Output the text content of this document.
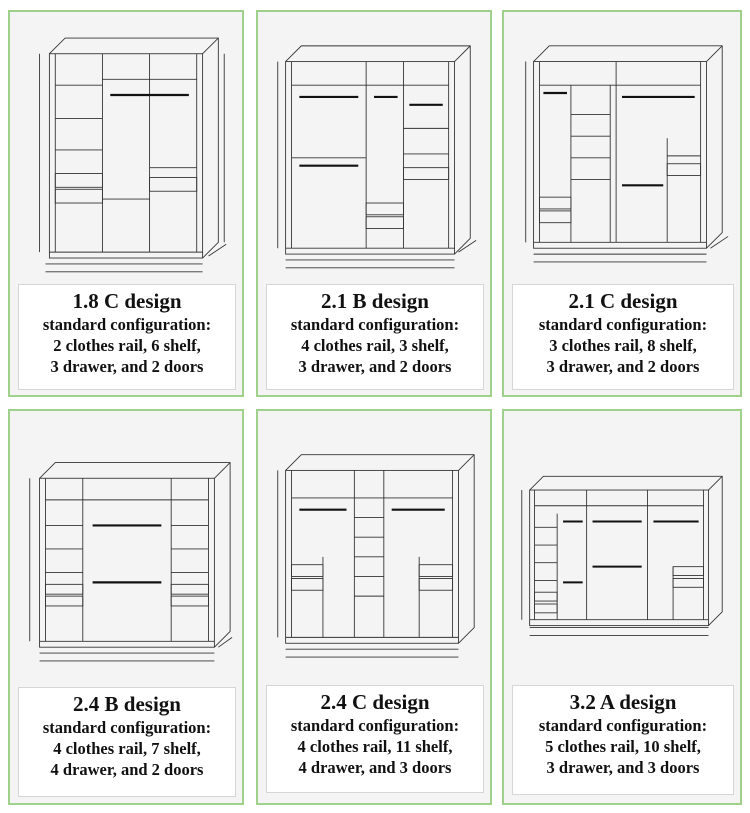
1.8 C design
standard configuration:
2 clothes rail, 6 shelf,
3 drawer, and 2 doors
2.1 B design
standard configuration:
4 clothes rail, 3 shelf,
3 drawer, and 2 doors
2.1 C design
standard configuration:
3 clothes rail, 8 shelf,
3 drawer, and 2 doors
2.4 B design
standard configuration:
4 clothes rail, 7 shelf,
4 drawer, and 2 doors
2.4 C design
standard configuration:
4 clothes rail, 11 shelf,
4 drawer, and 3 doors
3.2 A design
standard configuration:
5 clothes rail, 10 shelf,
3 drawer, and 3 doors
